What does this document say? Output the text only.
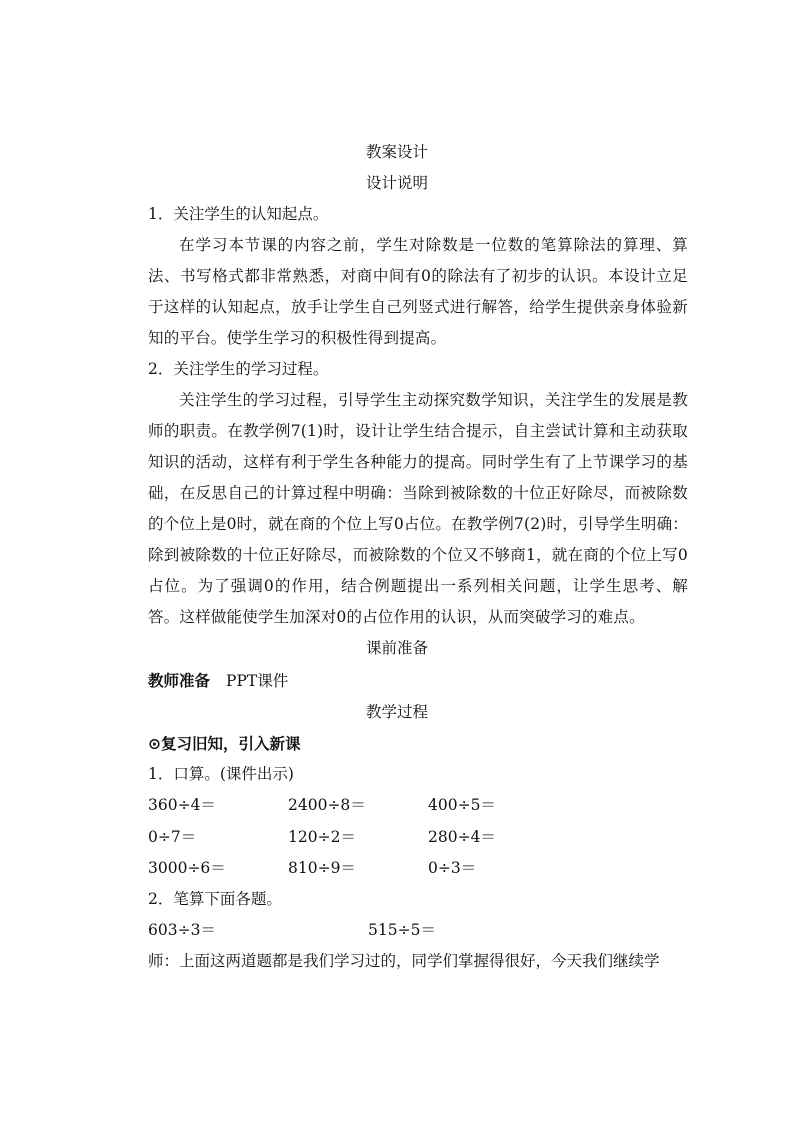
教案设计
设计说明
1．关注学生的认知起点。
在学习本节课的内容之前，学生对除数是一位数的笔算除法的算理、算法、书写格式都非常熟悉，对商中间有0的除法有了初步的认识。本设计立足于这样的认知起点，放手让学生自己列竖式进行解答，给学生提供亲身体验新知的平台。使学生学习的积极性得到提高。
2．关注学生的学习过程。
关注学生的学习过程，引导学生主动探究数学知识，关注学生的发展是教师的职责。在教学例7(1)时，设计让学生结合提示，自主尝试计算和主动获取知识的活动，这样有利于学生各种能力的提高。同时学生有了上节课学习的基础，在反思自己的计算过程中明确：当除到被除数的十位正好除尽，而被除数的个位上是0时，就在商的个位上写0占位。在教学例7(2)时，引导学生明确：除到被除数的十位正好除尽，而被除数的个位又不够商1，就在商的个位上写0占位。为了强调0的作用，结合例题提出一系列相关问题，让学生思考、解答。这样做能使学生加深对0的占位作用的认识，从而突破学习的难点。
课前准备
教师准备 PPT课件
教学过程
⊙复习旧知，引入新课
1．口算。(课件出示)
360÷4＝	2400÷8＝	400÷5＝
0÷7＝	120÷2＝	280÷4＝
3000÷6＝	810÷9＝	0÷3＝
2．笔算下面各题。
603÷3＝	515÷5＝
师：上面这两道题都是我们学习过的，同学们掌握得很好，今天我们继续学
